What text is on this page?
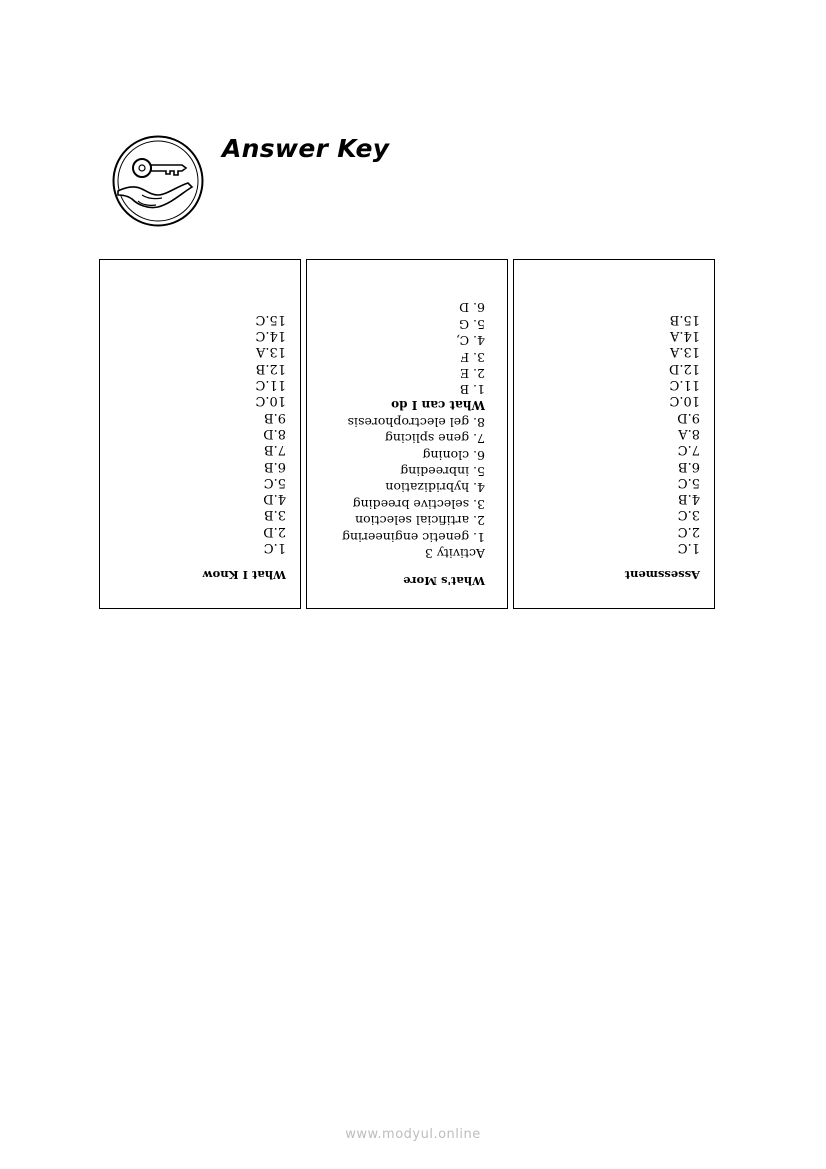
Answer Key
What I Know
1.C
2.D
3.B
4.D
5.C
6.B
7.B
8.D
9.B
10.C
11.C
12.B
13.A
14.C
15.C
What's More
Activity 3
1. genetic engineering
2. artificial selection
3. selective breeding
4. hybridization
5. inbreeding
6. cloning
7. gene splicing
8. gel electrophoresis
What can I do
1. B
2. E
3. F
4. C,
5. G
6. D
Assessment
1.C
2.C
3.C
4.B
5.C
6.B
7.C
8.A
9.D
10.C
11.C
12.D
13.A
14.A
15.B
www.modyul.online
